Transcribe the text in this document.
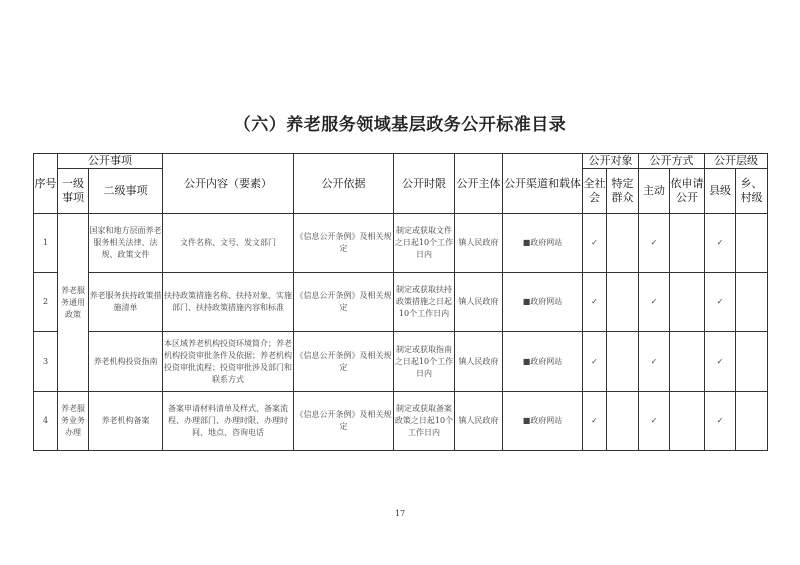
（六）养老服务领域基层政务公开标准目录
序号	公开事项		公开内容（要素）	公开依据	公开时限	公开主体	公开渠道和载体	公开对象		公开方式		公开层级	
	一级事项	二级事项						全社会	特定群众	主动	依申请公开	县级	乡、村级
1	养老服务通用政策	国家和地方层面养老服务相关法律、法规、政策文件	文件名称、文号、发文部门	《信息公开条例》及相关规定	制定或获取文件之日起10个工作日内	镇人民政府	■政府网站	✓		✓		✓	
2		养老服务扶持政策措施清单	扶持政策措施名称、扶持对象、实施部门、扶持政策措施内容和标准	《信息公开条例》及相关规定	制定或获取扶持政策措施之日起10个工作日内	镇人民政府	■政府网站	✓		✓		✓	
3		养老机构投资指南	本区域养老机构投资环境简介；养老机构投资审批条件及依据；养老机构投资审批流程；投资审批涉及部门和联系方式	《信息公开条例》及相关规定	制定或获取指南之日起10个工作日内	镇人民政府	■政府网站	✓		✓		✓	
4	养老服务业务办理	养老机构备案	备案申请材料清单及样式、备案流程、办理部门、办理时限、办理时间、地点、咨询电话	《信息公开条例》及相关规定	制定或获取备案政策之日起10个工作日内	镇人民政府	■政府网站	✓		✓		✓	
17
